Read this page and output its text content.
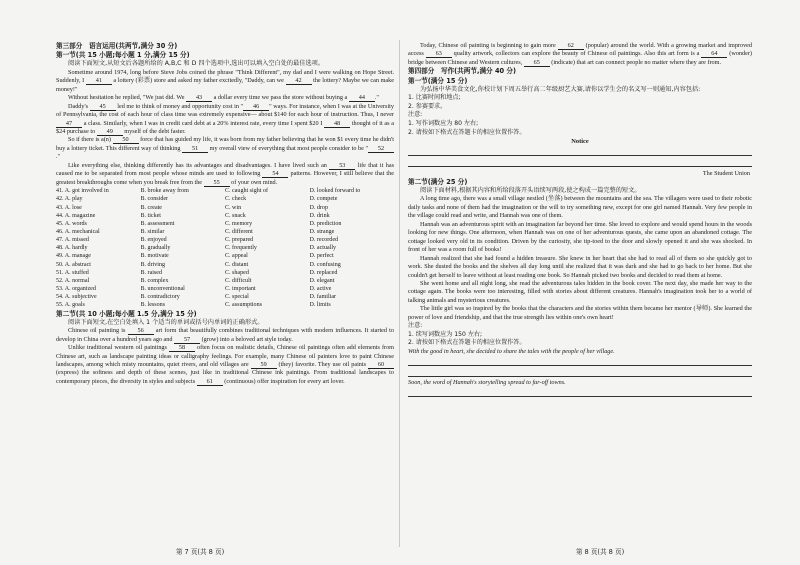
第三部分　语言运用(共两节,满分 30 分)
第一节(共 15 小题;每小题 1 分,满分 15 分)

阅读下面短文,从短文后各题所给的 A,B,C 和 D 四个选项中,选出可以填入空白处的最佳选项。

Sometime around 1974, long before Steve Jobs coined the phrase "Think Different", my dad and I were walking on Hope Street. Suddenly, I 41 a lottery (彩票) store and asked my father excitedly, "Daddy, can we 42 the lottery? Maybe we can make money!"

Without hesitation he replied, "We just did. We 43 a dollar every time we pass the store without buying a 44 ."

Daddy's 45 led me to think of money and opportunity cost in " 46 " ways. For instance, when I was at the University of Pennsylvania, the cost of each hour of class time was extremely expensive— about $140 for each hour of instruction. Thus, I never 47 a class. Similarly, when I was in credit card debt at a 20% interest rate, every time I spent $20 I 48 thought of it as a $24 purchase to 49 myself of the debt faster.

So if there is a(n) 50 force that has guided my life, it was born from my father believing that he won $1 every time he didn't buy a lottery ticket. This different way of thinking 51 my overall view of everything that most people consider to be " 52."

Like everything else, thinking differently has its advantages and disadvantages. I have lived such an 53 life that it has caused me to be separated from most people whose minds are used to following 54 patterns. However, I still believe that the greatest breakthroughs come when you break free from the 55 of your own mind.

41. A. got involved in	B. broke away from	C. caught sight of	D. looked forward to
42. A. play	B. consider	C. check	D. compete
43. A. lose	B. create	C. win	D. drop
44. A. magazine	B. ticket	C. snack	D. drink
45. A. words	B. assessment	C. memory	D. prediction
46. A. mechanical	B. similar	C. different	D. strange
47. A. missed	B. enjoyed	C. prepared	D. recorded
48. A. hardly	B. gradually	C. frequently	D. actually
49. A. manage	B. motivate	C. appeal	D. perfect
50. A. abstract	B. driving	C. distant	D. confusing
51. A. stuffed	B. raised	C. shaped	D. replaced
52. A. normal	B. complex	C. difficult	D. elegant
53. A. organized	B. unconventional	C. important	D. active
54. A. subjective	B. contradictory	C. special	D. familiar
55. A. goals	B. lessons	C. assumptions	D. limits
第二节(共 10 小题;每小题 1.5 分,满分 15 分)

阅读下面短文,在空白处填入 1 个适当的单词或括号内单词的正确形式。

Chinese oil painting is 56 art form that beautifully combines traditional techniques with modern influences. It started to develop in China over a hundred years ago and 57 (grow) into a beloved art style today.

Unlike traditional western oil paintings 58 often focus on realistic details, Chinese oil paintings often add elements from Chinese art, such as landscape painting ideas or calligraphy feelings. For example, many Chinese oil painters love to paint Chinese landscapes, among which misty mountains, quiet rivers, and old villages are 59 (they) favorite. They use oil paints 60 (express) the softness and depth of these scenes, just like in traditional Chinese ink paintings. From traditional landscapes to contemporary pieces, the diversity in styles and subjects 61 (continuous) offer inspiration for every art lover.

第 7 页(共 8 页)

Today, Chinese oil painting is beginning to gain more 62 (popular) around the world. With a growing market and improved access 63 quality artwork, collectors can explore the beauty of Chinese oil paintings. Also this art form is a 64 (wonder) bridge between Chinese and Western cultures, 65 (indicate) that art can connect people no matter where they are from.

第四部分　写作(共两节,满分 40 分)
第一节(满分 15 分)

为弘扬中华美食文化,你校计划下周五举行高二年级厨艺大赛,请你以学生会的名义写一则通知,内容包括:

1. 比赛时间和地点;
2. 参赛要求。
注意:
1. 写作词数应为 80 左右;
2. 请按如下格式在答题卡的相应位置作答。
Notice
The Student Union
第二节(满分 25 分)

阅读下面材料,根据其内容和所给段落开头语续写两段,使之构成一篇完整的短文。

A long time ago, there was a small village nestled (坐落) between the mountains and the sea. The villagers were used to their robotic daily tasks and none of them had the imagination or the will to try something new, except for one girl named Hannah. Very few people in the village could read and write, and Hannah was one of them.

Hannah was an adventurous spirit with an imagination far beyond her time. She loved to explore and would spend hours in the woods looking for new things. One afternoon, when Hannah was on one of her adventurous quests, she came upon an abandoned cottage. The cottage looked very old in its condition. Driven by the curiosity, she tip-toed to the door and slowly opened it and she was shocked. In front of her was a room full of books!

Hannah realized that she had found a hidden treasure. She knew in her heart that she had to read all of them so she quickly got to work. She dusted the books and the shelves all day long until she realized that it was dark and she had to go back to her home. But she couldn't get herself to leave without at least reading one book. So Hannah picked two books and decided to read them at home.

She went home and all night long, she read the adventurous tales hidden in the book cover. The next day, she made her way to the cottage again. The books were too interesting, filled with stories about different creatures. Hannah's imagination took her to a world of talking animals and mysterious creatures.

The little girl was so inspired by the books that the characters and the stories within them became her mentor (导师). She learned the power of love and friendship, and that the true strength lies within one's own heart!

注意:
1. 续写词数应为 150 左右;
2. 请按如下格式在答题卡的相应位置作答。
With the good in heart, she decided to share the tales with the people of her village.
Soon, the word of Hannah's storytelling spread to far-off towns.
第 8 页(共 8 页)
